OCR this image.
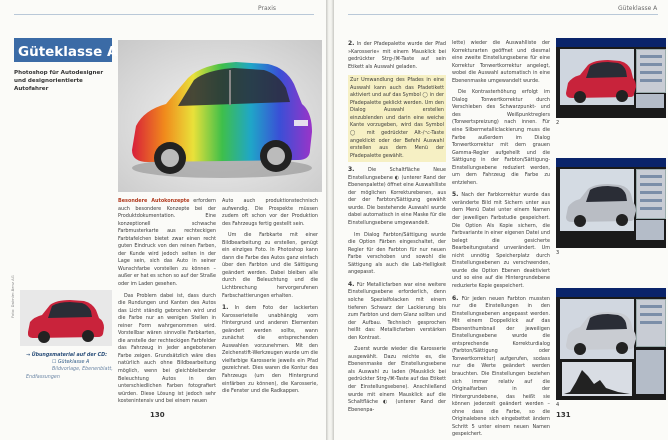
Praxis
Güteklasse A
Photoshop für Autodesigner und designorientierte Autofahrer

Besondere Autokonzepte erfordern auch besondere Konzepte bei der Produktdokumentation. Eine konzeptionell schwache Farbmusterkarte aus rechteckigen Farbtafelchen bietet zwar einen recht guten Eindruck von den reinen Farben, der Kunde wird jedoch selten in der Lage sein, sich das Auto in seiner Wunschfarbe vorstellen zu können – außer er hat es schon so auf der Straße oder im Laden gesehen.

Das Problem dabei ist, dass durch die Rundungen und Kanten des Autos das Licht ständig gebrochen wird und die Farbe nur an wenigen Stellen in reiner Form wahrgenommen wird. Vorstellbar wären sinnvolle Farbkarten, die anstelle der rechteckigen Farbfelder das Fahrzeug in jeder angebotenen Farbe zeigen. Grundsätzlich wäre dies natürlich auch ohne Bildbearbeitung möglich, wenn bei gleichbleibender Beleuchtung Autos in den unterschiedlichen Farben fotografiert würden. Diese Lösung ist jedoch sehr kostenintensiv und bei einem neuen

Auto auch produktionstechnisch aufwendig. Die Prospekte müssen zudem oft schon vor der Produktion des Fahrzeugs fertig gestellt sein.

Um die Farbkarte mit einer Bildbearbeitung zu erstellen, genügt ein einziges Foto. In Photoshop kann dann die Farbe des Autos ganz einfach über den Farbton und die Sättigung geändert werden. Dabei bleiben alle durch die Beleuchtung und die Lichtbrechung hervorgerufenen Farbschattierungen erhalten.

1. In dem Foto der lackierten Karosserieteile unabhängig vom Hintergrund und anderen Elementen geändert werden sollte, wann zunächst die entsprechenden Auswahlen vorzunehmen. Mit den Zeichenstift-Werkzeugen wurde um die vielfarbige Karosserie jeweils ein Pfad gezeichnet. Dies waren die Kontur des Fahrzeugs (um den Hintergrund einfärben zu können), die Karosserie, die Fenster und die Radkappen.

Foto: Daimler-Benz AG
→ Übungsmaterial auf der CD:
☐ Güteklasse A
Bildvorlage, Ebenenblatt, Endfassungen
130
Güteklasse A

2. In der Pfadepalette wurde der Pfad »Karosserie« mit einem Mausklick bei gedrückter Strg-/⌘-Taste auf sein Etikett als Auswahl geladen.

Zur Umwandlung des Pfades in eine Auswahl kann auch das Pfadetikett aktiviert und auf das Symbol ◯ in der Pfadepalette geklickt werden. Um den Dialog Auswahl erstellen einzublenden und darin eine weiche Kante vorzugeben, wird das Symbol ◯ mit gedrückter Alt-/⌥-Taste angeklickt oder der Befehl Auswahl erstellen aus dem Menü der Pfadepalette gewählt.

3.	Die Schaltfläche Neue Einstellungsebene ◐ (unterer Rand der Ebenenpalette) öffnet eine Auswahlliste der möglichen Korrekturebenen, aus der der Farbton/Sättigung gewählt wurde. Die bestehende Auswahl wurde dabei automatisch in eine Maske für die Einstellungsebene umgewandelt.

Im Dialog Farbton/Sättigung wurde die Option Färben eingeschaltet, der Regler für den Farbton für nur neuen Farbe verschoben und sowohl die Sättigung als auch die Lab-Helligkeit angepasst.

4. Für Metallicfarben war eine weitere Einstellungsebene erforderlich, denn solche Spezialfolacken mit einem tieferen Schwarz der Lackierung bis zum Farbton und dem Glanz sollten und der Aufbau. Technisch gesprochen heißt das: Metallicfarben verstärken den Kontrast.

Zuerst wurde wieder die Karosserie ausgewählt. Dazu reichte es, die Ebenenmaske der Einstellungsebene als Auswahl zu laden (Mausklick bei gedrückter Strg-/⌘-Taste auf das Etikett der Einstellungsebene). Anschließend wurde mit einem Mausklick auf die Schaltfläche ◐ (unterer Rand der Ebenenpa-

lette) wieder die Auswahlliste der Korrekturarten geöffnet und diesmal eine zweite Einstellungsebene für eine Korrektur Tonwertkorrektur angelegt, wobei die Auswahl automatisch in eine Ebenenmaske umgewandelt wurde.

Die Kontrasterhöhung erfolgt im Dialog Tonwertkorrektur durch Verschieben des Schwarzpunkt- und des Weißpunktreglers (Tonwertspreizung) nach innen. Für eine Silbermetalliclackierung muss die Farbe außerdem im Dialog Tonwertkorrektur mit dem grauen Gamma-Regler aufgehellt und die Sättigung in der Farbton/Sättigung-Einstellungsebene reduziert werden, um dem Fahrzeug die Farbe zu entziehen.

5. Nach der Farbkorrektur wurde das veränderte Bild mit Sichern unter aus dem Menü Datei unter einem Namen der jeweiligen Farbstudie gespeichert. Die Option Als Kopie sichern, die Farbvariante in einer eigenen Datei und belegt die gesicherte Bearbeitungsstand unverändert. Um nicht unnötig Speicherplatz durch Einstellungsebenen zu verschwenden, wurde die Option Ebenen deaktiviert und so eine auf die Hintergrundebene reduzierte Kopie gespeichert.

6. Für jeden neuen Farbton mussten nur die Einstellungen in den Einstellungsebenen angepasst werden. Mit einem Doppelklick auf das Ebenenthumbnail der jeweiligen Einstellungsebene wurde die entsprechende Korrekturdialog (Farbton/Sättigung oder Tonwertkorrektur) aufgerufen, sodass nur die Werte geändert werden brauchten. Die Einstellungen beziehen sich immer relativ auf die Originalfarben in der Hintergrundebene, das heißt sie können jederzeit geändert werden – ohne dass die Farbe, so die Originalebene sich eingebettet ändern Schritt 5 unter einem neuen Namen gespeichert.

131
2
3
4
